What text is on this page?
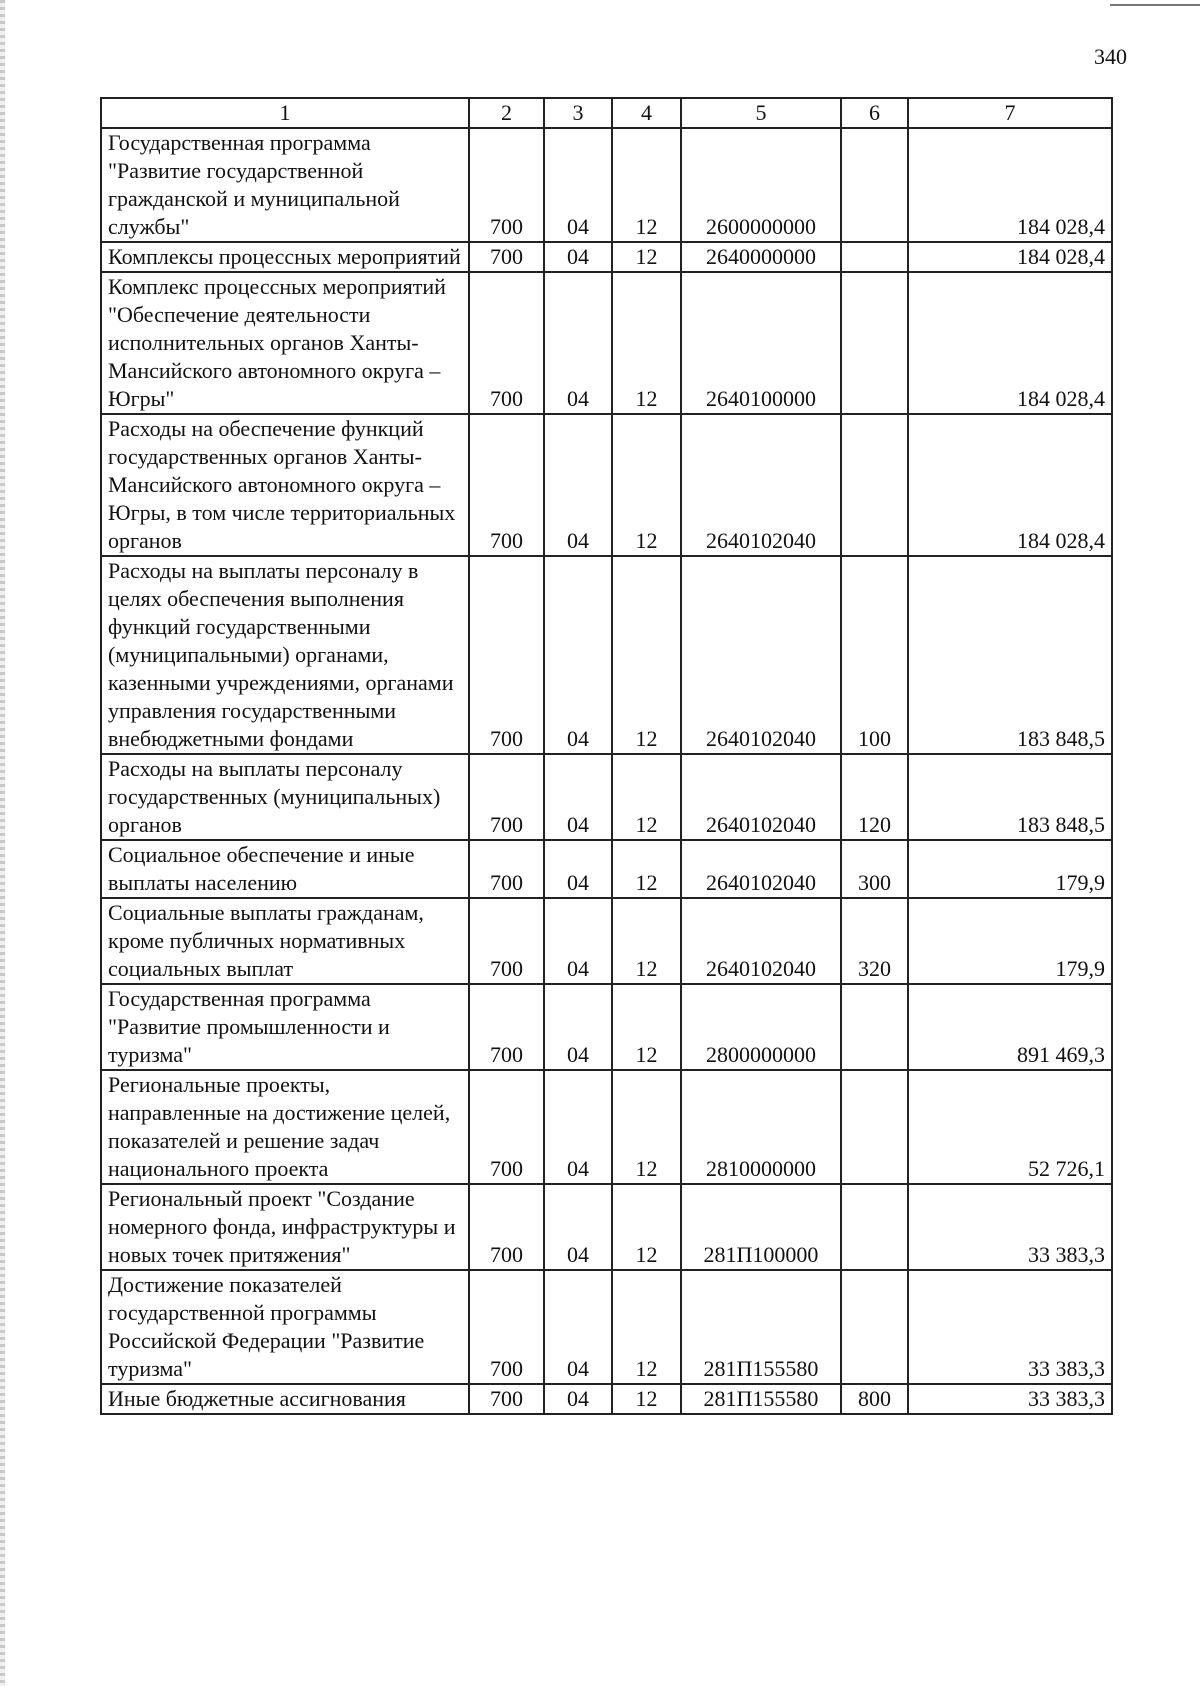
340
1	2	3	4	5	6	7
Государственная программа "Развитие государственной гражданской и муниципальной службы"	700	04	12	2600000000		184 028,4
Комплексы процессных мероприятий	700	04	12	2640000000		184 028,4
Комплекс процессных мероприятий "Обеспечение деятельности исполнительных органов Ханты-Мансийского автономного округа – Югры"	700	04	12	2640100000		184 028,4
Расходы на обеспечение функций государственных органов Ханты-Мансийского автономного округа – Югры, в том числе территориальных органов	700	04	12	2640102040		184 028,4
Расходы на выплаты персоналу в целях обеспечения выполнения функций государственными (муниципальными) органами, казенными учреждениями, органами управления государственными внебюджетными фондами	700	04	12	2640102040	100	183 848,5
Расходы на выплаты персоналу государственных (муниципальных) органов	700	04	12	2640102040	120	183 848,5
Социальное обеспечение и иные выплаты населению	700	04	12	2640102040	300	179,9
Социальные выплаты гражданам, кроме публичных нормативных социальных выплат	700	04	12	2640102040	320	179,9
Государственная программа "Развитие промышленности и туризма"	700	04	12	2800000000		891 469,3
Региональные проекты, направленные на достижение целей, показателей и решение задач национального проекта	700	04	12	2810000000		52 726,1
Региональный проект "Создание номерного фонда, инфраструктуры и новых точек притяжения"	700	04	12	281П100000		33 383,3
Достижение показателей государственной программы Российской Федерации "Развитие туризма"	700	04	12	281П155580		33 383,3
Иные бюджетные ассигнования	700	04	12	281П155580	800	33 383,3
